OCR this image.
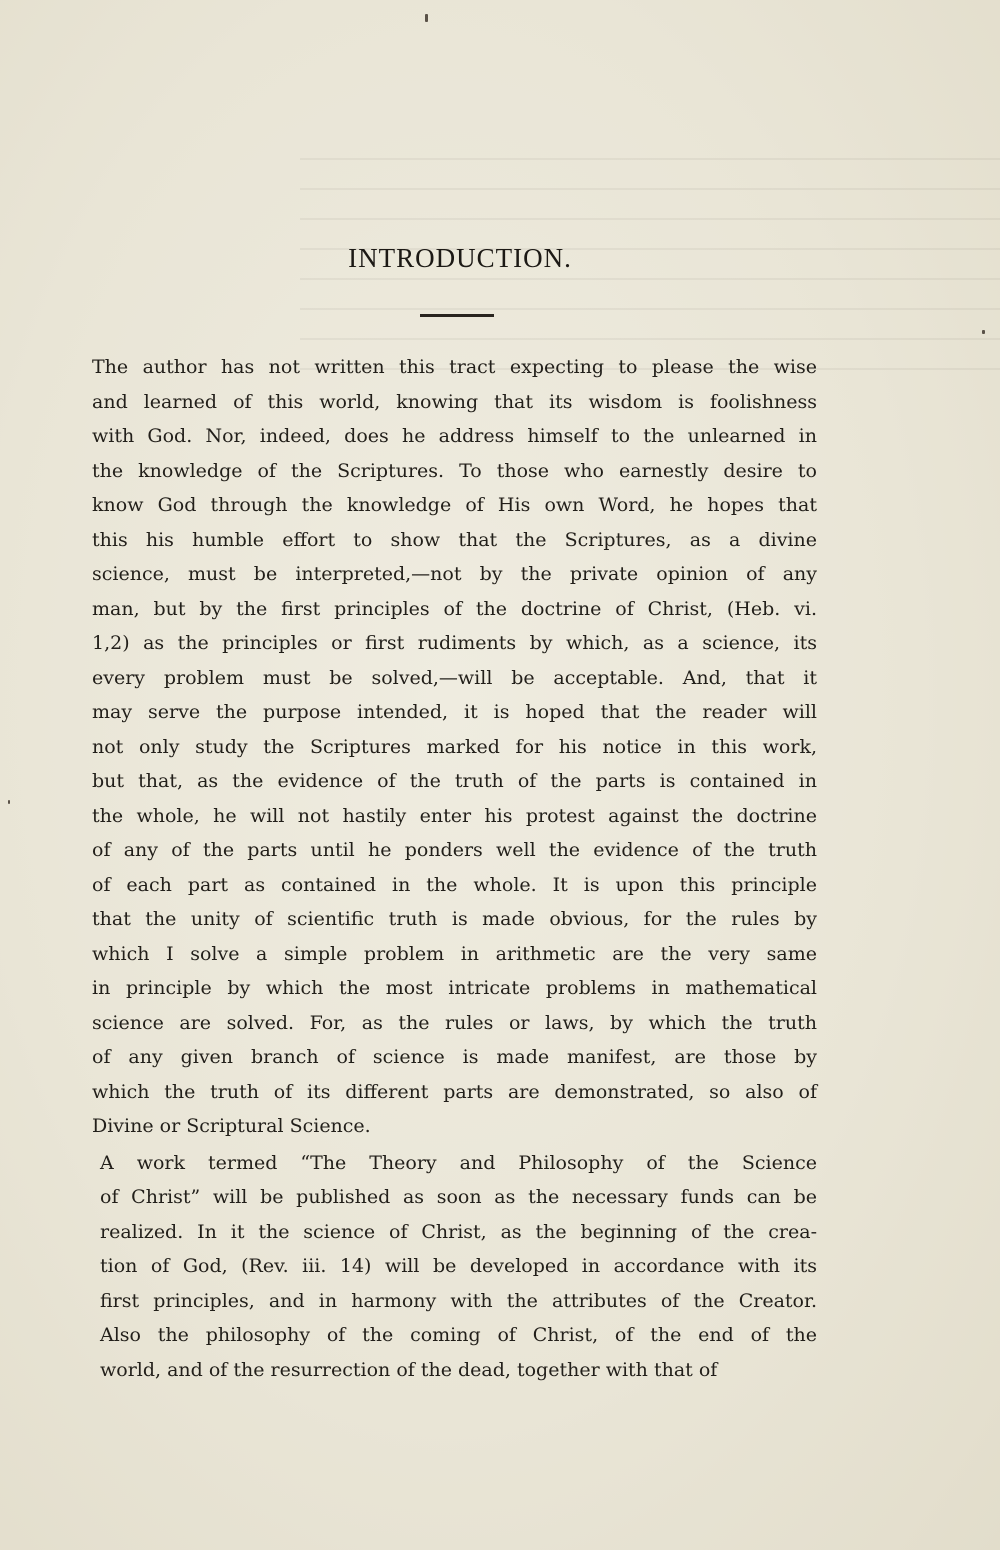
INTRODUCTION.

The author has not written this tract expecting to please the wise
and learned of this world, knowing that its wisdom is foolishness
with God. Nor, indeed, does he address himself to the unlearned in
the knowledge of the Scriptures. To those who earnestly desire to
know God through the knowledge of His own Word, he hopes that
this his humble effort to show that the Scriptures, as a divine
science, must be interpreted,—not by the private opinion of any
man, but by the first principles of the doctrine of Christ, (Heb. vi.
1,2) as the principles or first rudiments by which, as a science, its
every problem must be solved,—will be acceptable. And, that it
may serve the purpose intended, it is hoped that the reader will
not only study the Scriptures marked for his notice in this work,
but that, as the evidence of the truth of the parts is contained in
the whole, he will not hastily enter his protest against the doctrine
of any of the parts until he ponders well the evidence of the truth
of each part as contained in the whole. It is upon this principle
that the unity of scientific truth is made obvious, for the rules by
which I solve a simple problem in arithmetic are the very same
in principle by which the most intricate problems in mathematical
science are solved. For, as the rules or laws, by which the truth
of any given branch of science is made manifest, are those by
which the truth of its different parts are demonstrated, so also of
Divine or Scriptural Science.

A work termed “The Theory and Philosophy of the Science
of Christ” will be published as soon as the necessary funds can be
realized. In it the science of Christ, as the beginning of the crea-
tion of God, (Rev. iii. 14) will be developed in accordance with its
first principles, and in harmony with the attributes of the Creator.
Also the philosophy of the coming of Christ, of the end of the
world, and of the resurrection of the dead, together with that of
